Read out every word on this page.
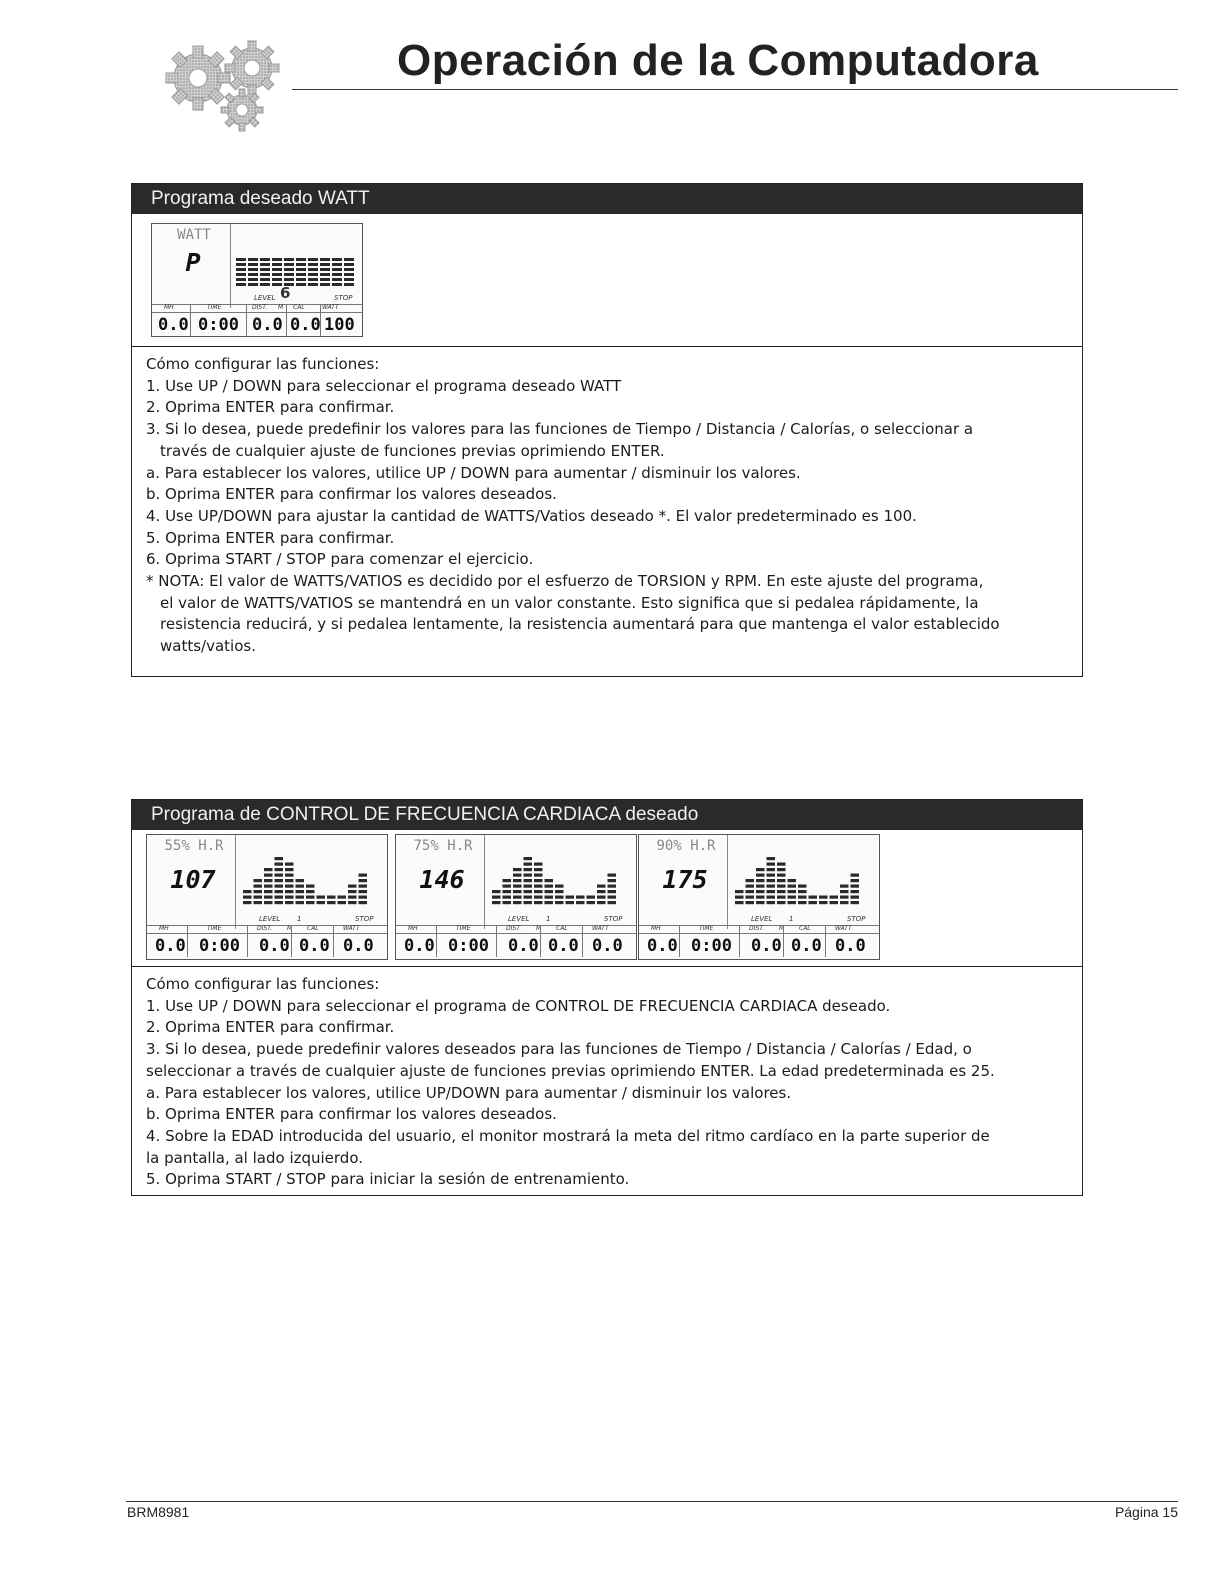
Operación de la Computadora
Programa deseado WATT
WATT
P
LEVEL 6	STOP
MH	TIME	DIST. M CAL	WATT
0.0 0:00 0.0 0.0 100

Cómo configurar las funciones:

1. Use UP / DOWN para seleccionar el programa deseado WATT

2. Oprima ENTER para confirmar.

3. Si lo desea, puede predefinir los valores para las funciones de Tiempo / Distancia / Calorías, o seleccionar a

través de cualquier ajuste de funciones previas oprimiendo ENTER.

a. Para establecer los valores, utilice UP / DOWN para aumentar / disminuir los valores.

b. Oprima ENTER para confirmar los valores deseados.

4. Use UP/DOWN para ajustar la cantidad de WATTS/Vatios deseado *. El valor predeterminado es 100.

5. Oprima ENTER para confirmar.

6. Oprima START / STOP para comenzar el ejercicio.

* NOTA: El valor de WATTS/VATIOS es decidido por el esfuerzo de TORSION y RPM. En este ajuste del programa,

el valor de WATTS/VATIOS se mantendrá en un valor constante. Esto significa que si pedalea rápidamente, la

resistencia reducirá, y si pedalea lentamente, la resistencia aumentará para que mantenga el valor establecido

watts/vatios.

Programa de CONTROL DE FRECUENCIA CARDIACA deseado
55% H.R
107
LEVEL 1	STOP
MH	TIME	DIST. M CAL	WATT
0.0 0:00 0.0 0.0 0.0
75% H.R
146
LEVEL 1	STOP
MH	TIME	DIST. M CAL	WATT
0.0 0:00 0.0 0.0 0.0
90% H.R
175
LEVEL 1	STOP
MH	TIME	DIST. M CAL	WATT
0.0 0:00 0.0 0.0 0.0

Cómo configurar las funciones:

1. Use UP / DOWN para seleccionar el programa de CONTROL DE FRECUENCIA CARDIACA deseado.

2. Oprima ENTER para confirmar.

3. Si lo desea, puede predefinir valores deseados para las funciones de Tiempo / Distancia / Calorías / Edad, o

seleccionar a través de cualquier ajuste de funciones previas oprimiendo ENTER. La edad predeterminada es 25.

a. Para establecer los valores, utilice UP/DOWN para aumentar / disminuir los valores.

b. Oprima ENTER para confirmar los valores deseados.

4. Sobre la EDAD introducida del usuario, el monitor mostrará la meta del ritmo cardíaco en la parte superior de

la pantalla, al lado izquierdo.

5. Oprima START / STOP para iniciar la sesión de entrenamiento.

BRM8981	Página 15
